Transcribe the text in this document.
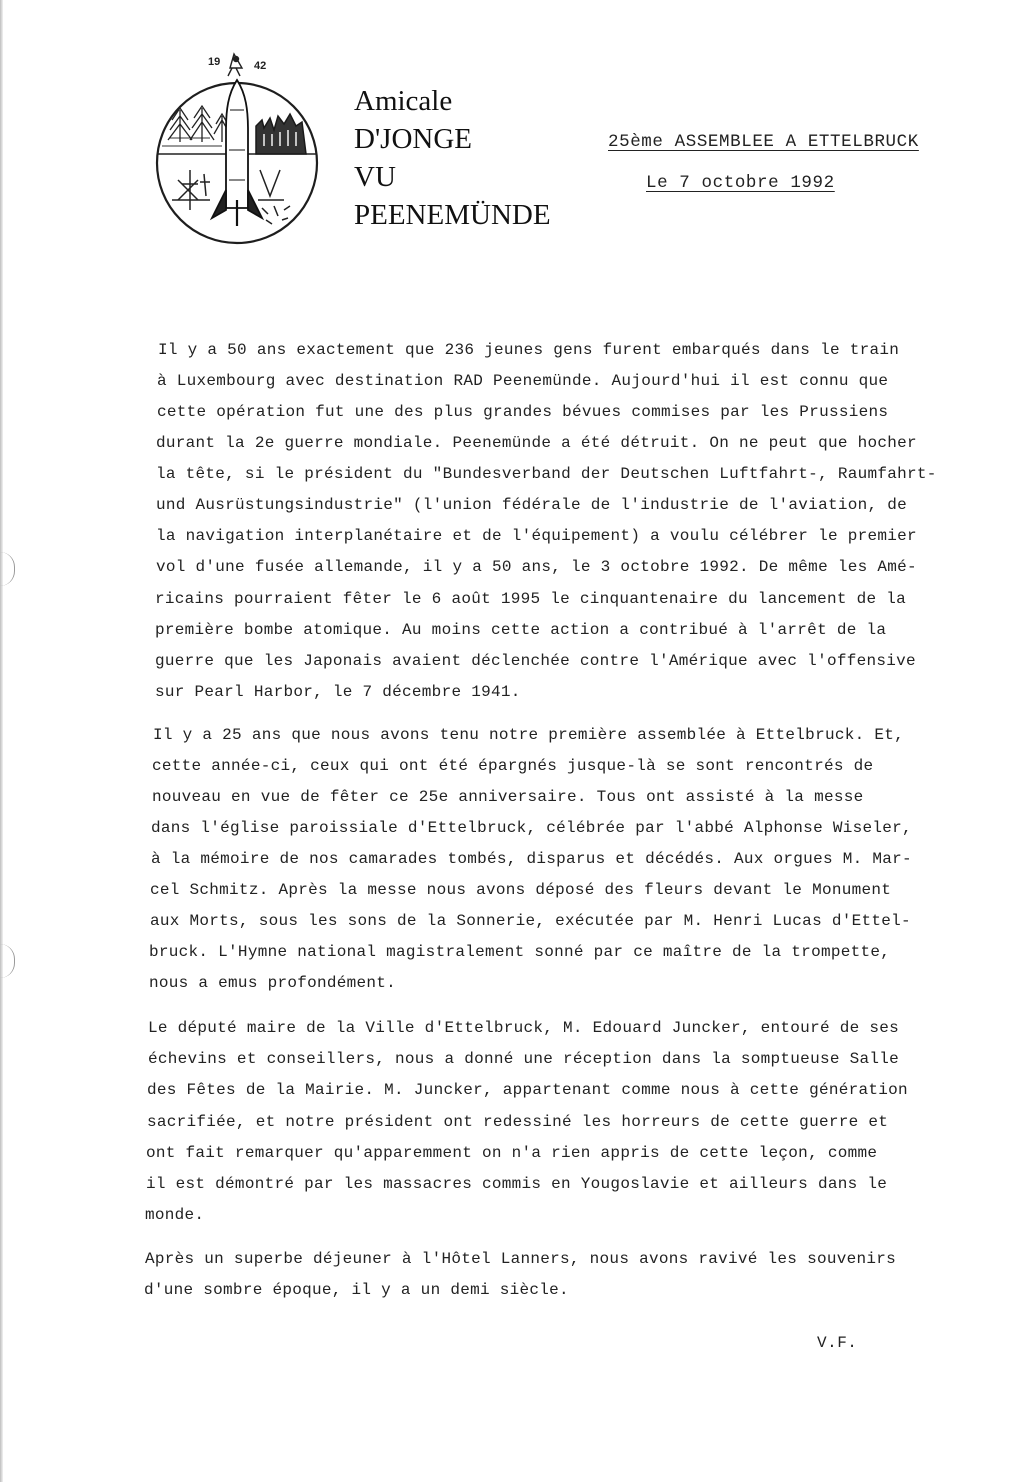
19	42
Amicale
D'JONGE
VU
PEENEMÜNDE
25ème ASSEMBLEE A ETTELBRUCK
Le 7 octobre 1992
Il y a 50 ans exactement que 236 jeunes gens furent embarqués dans le train
à Luxembourg avec destination RAD Peenemünde. Aujourd'hui il est connu que
cette opération fut une des plus grandes bévues commises par les Prussiens
durant la 2e guerre mondiale. Peenemünde a été détruit. On ne peut que hocher
la tête, si le président du "Bundesverband der Deutschen Luftfahrt-, Raumfahrt-
und Ausrüstungsindustrie" (l'union fédérale de l'industrie de l'aviation, de
la navigation interplanétaire et de l'équipement) a voulu célébrer le premier
vol d'une fusée allemande, il y a 50 ans, le 3 octobre 1992. De même les Amé-
ricains pourraient fêter le 6 août 1995 le cinquantenaire du lancement de la
première bombe atomique. Au moins cette action a contribué à l'arrêt de la
guerre que les Japonais avaient déclenchée contre l'Amérique avec l'offensive
sur Pearl Harbor, le 7 décembre 1941.
Il y a 25 ans que nous avons tenu notre première assemblée à Ettelbruck. Et,
cette année-ci, ceux qui ont été épargnés jusque-là se sont rencontrés de
nouveau en vue de fêter ce 25e anniversaire. Tous ont assisté à la messe
dans l'église paroissiale d'Ettelbruck, célébrée par l'abbé Alphonse Wiseler,
à la mémoire de nos camarades tombés, disparus et décédés. Aux orgues M. Mar-
cel Schmitz. Après la messe nous avons déposé des fleurs devant le Monument
aux Morts, sous les sons de la Sonnerie, exécutée par M. Henri Lucas d'Ettel-
bruck. L'Hymne national magistralement sonné par ce maître de la trompette,
nous a emus profondément.
Le député maire de la Ville d'Ettelbruck, M. Edouard Juncker, entouré de ses
échevins et conseillers, nous a donné une réception dans la somptueuse Salle
des Fêtes de la Mairie. M. Juncker, appartenant comme nous à cette génération
sacrifiée, et notre président ont redessiné les horreurs de cette guerre et
ont fait remarquer qu'apparemment on n'a rien appris de cette leçon, comme
il est démontré par les massacres commis en Yougoslavie et ailleurs dans le
monde.
Après un superbe déjeuner à l'Hôtel Lanners, nous avons ravivé les souvenirs
d'une sombre époque, il y a un demi siècle.
V.F.
